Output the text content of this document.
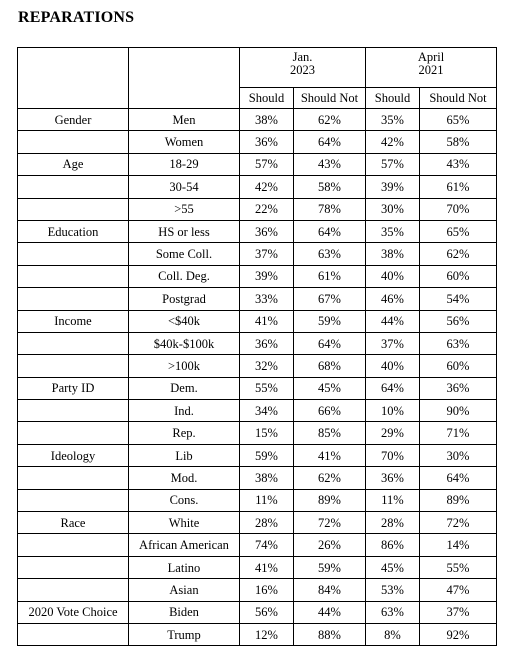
REPARATIONS

		Jan.
2023		April
2021	

		Should	Should Not	Should	Should Not
Gender	Men	38%	62%	35%	65%
	Women	36%	64%	42%	58%
Age	18-29	57%	43%	57%	43%
	30-54	42%	58%	39%	61%
	>55	22%	78%	30%	70%
Education	HS or less	36%	64%	35%	65%
	Some Coll.	37%	63%	38%	62%
	Coll. Deg.	39%	61%	40%	60%
	Postgrad	33%	67%	46%	54%
Income	<$40k	41%	59%	44%	56%
	$40k-$100k	36%	64%	37%	63%
	>100k	32%	68%	40%	60%
Party ID	Dem.	55%	45%	64%	36%
	Ind.	34%	66%	10%	90%
	Rep.	15%	85%	29%	71%
Ideology	Lib	59%	41%	70%	30%
	Mod.	38%	62%	36%	64%
	Cons.	11%	89%	11%	89%
Race	White	28%	72%	28%	72%
	African American	74%	26%	86%	14%
	Latino	41%	59%	45%	55%
	Asian	16%	84%	53%	47%
2020 Vote Choice	Biden	56%	44%	63%	37%
	Trump	12%	88%	8%	92%
